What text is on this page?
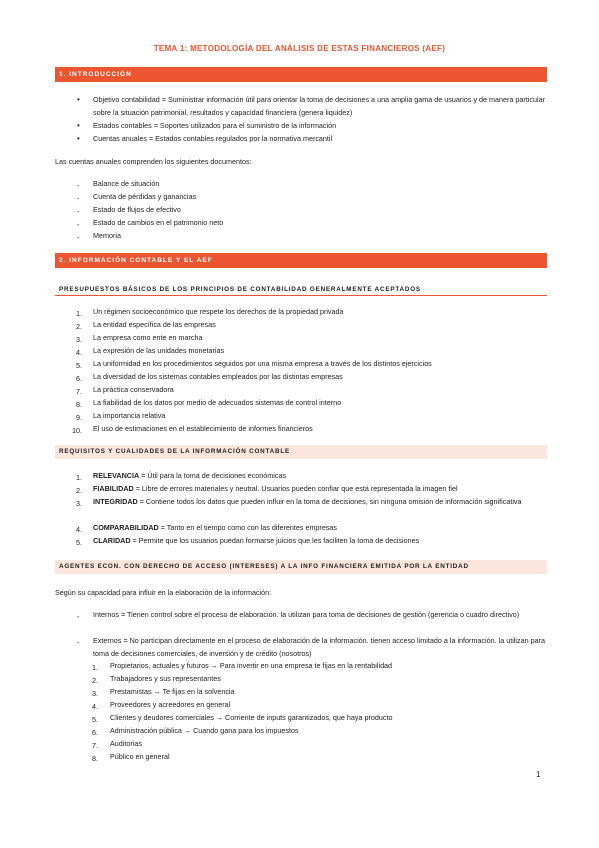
TEMA 1: METODOLOGÍA DEL ANÁLISIS DE ESTAS FINANCIEROS (AEF)
1. INTRODUCCIÓN
• Objetivo contabilidad = Suministrar información útil para orientar la toma de decisiones a una amplia gama de usuarios y de manera particular sobre la situación patrimonial, resultados y capacidad financiera (genera liquidez)
• Estados contables = Soportes utilizados para el suministro de la información
• Cuentas anuales = Estados contables regulados por la normativa mercantil
Las cuentas anuales comprenden los siguientes documentos:
- Balance de situación
- Cuenta de pérdidas y ganancias
- Estado de flujos de efectivo
Estado de cambios en el patrimonio neto
-
- Memoria
2. INFORMACIÓN CONTABLE Y EL AEF
PRESUPUESTOS BÁSICOS DE LOS PRINCIPIOS DE CONTABILIDAD GENERALMENTE ACEPTADOS
1. Un régimen socioeconómico que respete los derechos de la propiedad privada
2. La entidad específica de las empresas
3. La empresa como ente en marcha
4. La expresión de las unidades monetarias
5. La uniformidad en los procedimientos seguidos por una misma empresa a través de los distintos ejercicios
6. La diversidad de los sistemas contables empleados por las distintas empresas
7. La práctica conservadora
8. La fiabilidad de los datos por medio de adecuados sistemas de control interno
9. La importancia relativa
10. El uso de estimaciones en el establecimiento de informes financieros
REQUISITOS Y CUALIDADES DE LA INFORMACIÓN CONTABLE
1. RELEVANCIA = Útil para la toma de decisiones económicas
2. FIABILIDAD = Libre de errores materiales y neutral. Usuarios pueden confiar que está representada la imagen fiel
3. INTEGRIDAD = Contiene todos los datos que pueden influir en la toma de decisiones, sin ninguna omisión de información significativa
4. COMPARABILIDAD = Tanto en el tiempo como con las diferentes empresas
5. CLARIDAD = Permite que los usuarios puedan formarse juicios que les faciliten la toma de decisiones
AGENTES ECON. CON DERECHO DE ACCESO (INTERESES) A LA INFO FINANCIERA EMITIDA POR LA ENTIDAD
Según su capacidad para influir en la elaboración de la información:
- Internos = Tienen control sobre el proceso de elaboración. la utilizan para toma de decisiones de gestión (gerencia o cuadro directivo)
- Externos = No participan directamente en el proceso de elaboración de la información. tienen acceso limitado a la información. la utilizan para toma de decisiones comerciales, de inversión y de crédito (nosotros)
1. Propietarios, actuales y futuros → Para invertir en una empresa te fijas en la rentabilidad
2. Trabajadores y sus representantes
3. Prestamistas → Te fijas en la solvencia
4. Proveedores y acreedores en general
5. Clientes y deudores comerciales → Corriente de inputs garantizados, que haya producto
6. Administración pública → Cuando gana para los impuestos
7. Auditorias
8. Público en general
1
